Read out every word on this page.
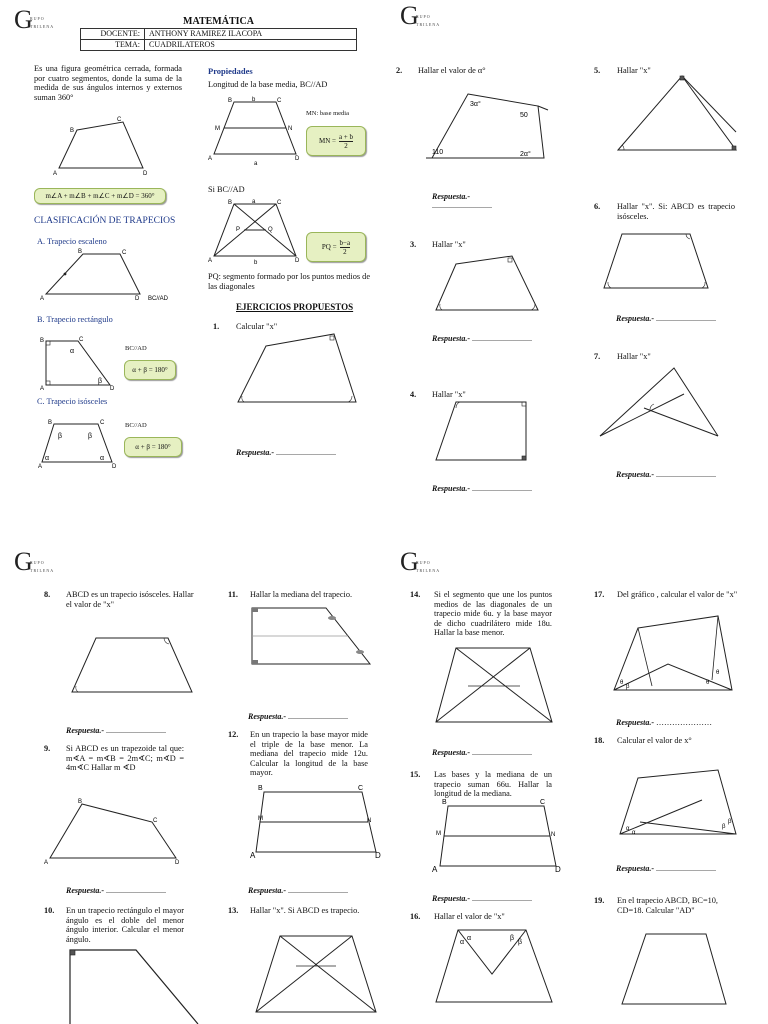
G
RUPO
TRILENA	MATEMÁTICA
DOCENTE:	ANTHONY RAMIREZ ILACOPA
TEMA:	CUADRILATEROS
Es una figura geométrica cerrada, formada por cuatro segmentos, donde la suma de la medida de sus ángulos internos y externos suman 360°
B
C
D
A
m∠A + m∠B + m∠C + m∠D = 360°
CLASIFICACIÓN DE TRAPECIOS
A. Trapecio escaleno
B	C
A	D BC//AD
B. Trapecio rectángulo
B	C
A	D
α
β
BC//AD
α + β = 180°
C. Trapecio isósceles
B	C
A	D
β	β
α	α
BC//AD
α + β = 180°
Propiedades
Longitud de la base media, BC//AD
B	b	C
M	N
A	D
a
MN: base media
MN = $\frac{a + b}{2}$
Si BC//AD
B	a	C
P	Q
A	D
b
PQ = $\frac{b-a}{2}$
PQ: segmento formado por los puntos medios de las diagonales
EJERCICIOS PROPUESTOS
1. Calcular "x"
Respuesta.- ..............................
G
RUPO
TRILENA
2. Hallar el valor de α°
3α°
50
110	2α°
Respuesta.-
..............................
3. Hallar "x"
Respuesta.- ..............................
4. Hallar "x"
Respuesta.- ..............................
5. Hallar "x"
6. Hallar "x". Si: ABCD es trapecio isósceles.
Respuesta.- ..............................
7. Hallar "x"
Respuesta.- ..............................
G
RUPO
TRILENA
8. ABCD es un trapecio isósceles. Hallar el valor de "x"
Respuesta.- ..............................
9. Si ABCD es un trapezoide tal que: m∢A = m∢B = 2m∢C; m∢D = 4m∢C Hallar m ∢D
B
C
A	D
Respuesta.- ..............................
10. En un trapecio rectángulo el mayor ángulo es el doble del menor ángulo interior. Calcular el menor ángulo.
11. Hallar la mediana del trapecio.
Respuesta.- ..............................
12. En un trapecio la base mayor mide el triple de la base menor. La mediana del trapecio mide 12u. Calcular la longitud de la base mayor.
B	C
M	N
A	D
Respuesta.- ..............................
13. Hallar "x". Si ABCD es trapecio.
G
RUPO
TRILENA
14. Si el segmento que une los puntos medios de las diagonales de un trapecio mide 6u. y la base mayor de dicho cuadrilátero mide 18u. Hallar la base menor.
Respuesta.- ..............................
15. Las bases y la mediana de un trapecio suman 66u. Hallar la longitud de la mediana.
B	C
M	N
A	D
Respuesta.- ..............................
16. Hallar el valor de "x"
α
α	β
β
17. Del gráfico , calcular el valor de "x"
θ
β
θ
θ
Respuesta.- …………………
18. Calcular el valor de x°
α
α
β
β
Respuesta.- ..............................
19. En el trapecio ABCD, BC=10, CD=18. Calcular "AD"
